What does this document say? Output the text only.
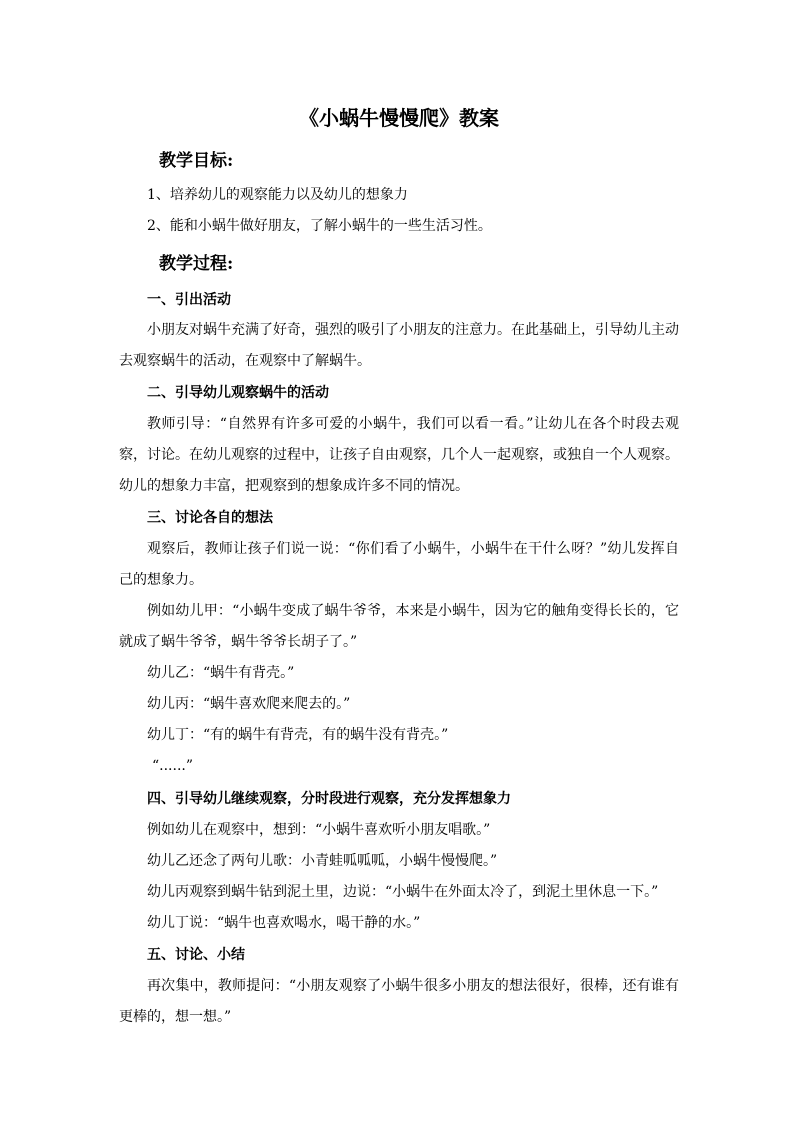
《小蜗牛慢慢爬》教案
教学目标:
1、培养幼儿的观察能力以及幼儿的想象力
2、能和小蜗牛做好朋友，了解小蜗牛的一些生活习性。
教学过程:
一、引出活动
小朋友对蜗牛充满了好奇，强烈的吸引了小朋友的注意力。在此基础上，引导幼儿主动
去观察蜗牛的活动，在观察中了解蜗牛。
二、引导幼儿观察蜗牛的活动
教师引导：“自然界有许多可爱的小蜗牛，我们可以看一看。”让幼儿在各个时段去观
察，讨论。在幼儿观察的过程中，让孩子自由观察，几个人一起观察，或独自一个人观察。
幼儿的想象力丰富，把观察到的想象成许多不同的情况。
三、讨论各自的想法
观察后，教师让孩子们说一说：“你们看了小蜗牛，小蜗牛在干什么呀？”幼儿发挥自
己的想象力。
例如幼儿甲：“小蜗牛变成了蜗牛爷爷，本来是小蜗牛，因为它的触角变得长长的，它
就成了蜗牛爷爷，蜗牛爷爷长胡子了。”
幼儿乙：“蜗牛有背壳。”
幼儿丙：“蜗牛喜欢爬来爬去的。”
幼儿丁：“有的蜗牛有背壳，有的蜗牛没有背壳。”
“......”
四、引导幼儿继续观察，分时段进行观察，充分发挥想象力
例如幼儿在观察中，想到：“小蜗牛喜欢听小朋友唱歌。”
幼儿乙还念了两句儿歌：小青蛙呱呱呱，小蜗牛慢慢爬。”
幼儿丙观察到蜗牛钻到泥土里，边说：“小蜗牛在外面太冷了，到泥土里休息一下。”
幼儿丁说：“蜗牛也喜欢喝水，喝干静的水。”
五、讨论、小结
再次集中，教师提问：“小朋友观察了小蜗牛很多小朋友的想法很好，很棒，还有谁有
更棒的，想一想。”
